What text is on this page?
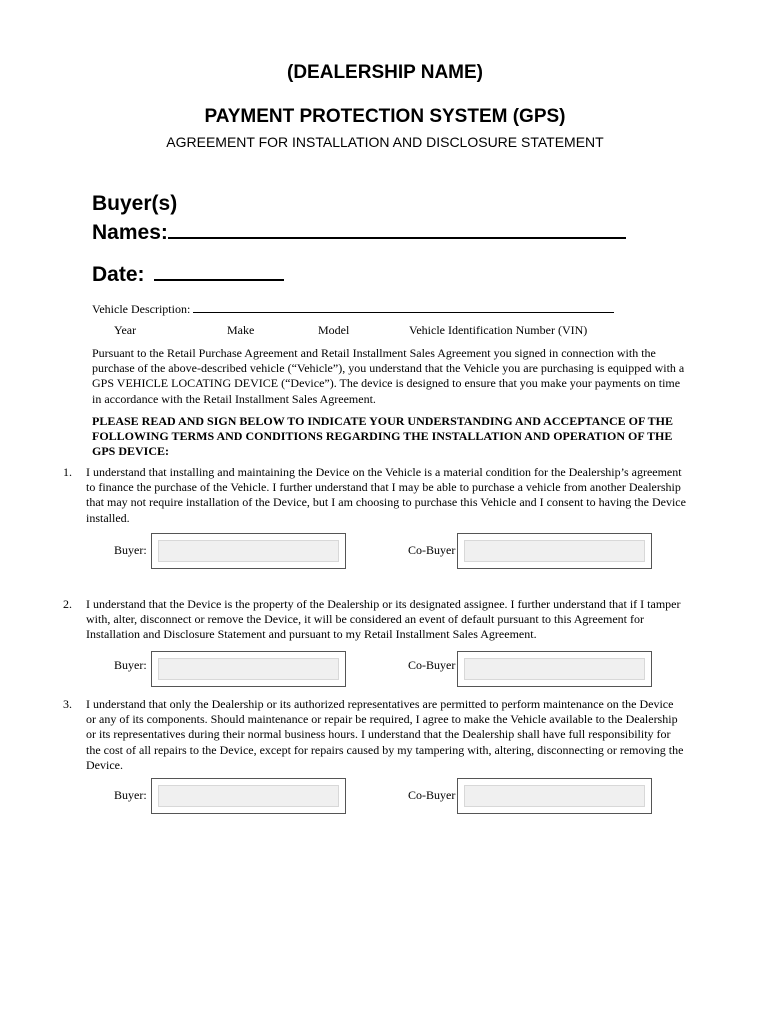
(DEALERSHIP NAME)
PAYMENT PROTECTION SYSTEM (GPS)
AGREEMENT FOR INSTALLATION AND DISCLOSURE STATEMENT
Buyer(s)
Names:
Date:
Vehicle Description:
Year	Make	Model	Vehicle Identification Number (VIN)

Pursuant to the Retail Purchase Agreement and Retail Installment Sales Agreement you signed in connection with the purchase of the above-described vehicle (“Vehicle”), you understand that the Vehicle you are purchasing is equipped with a GPS VEHICLE LOCATING DEVICE (“Device”). The device is designed to ensure that you make your payments on time in accordance with the Retail Installment Sales Agreement.

PLEASE READ AND SIGN BELOW TO INDICATE YOUR UNDERSTANDING AND ACCEPTANCE OF THE FOLLOWING TERMS AND CONDITIONS REGARDING THE INSTALLATION AND OPERATION OF THE GPS DEVICE:

1. I understand that installing and maintaining the Device on the Vehicle is a material condition for the Dealership’s agreement to finance the purchase of the Vehicle. I further understand that I may be able to purchase a vehicle from another Dealership that may not require installation of the Device, but I am choosing to purchase this Vehicle and I consent to having the Device installed.

Buyer:	Co-Buyer
2. I understand that the Device is the property of the Dealership or its designated assignee. I further understand that if I tamper with, alter, disconnect or remove the Device, it will be considered an event of default pursuant to this Agreement for Installation and Disclosure Statement and pursuant to my Retail Installment Sales Agreement.

Buyer:	Co-Buyer
3. I understand that only the Dealership or its authorized representatives are permitted to perform maintenance on the Device or any of its components. Should maintenance or repair be required, I agree to make the Vehicle available to the Dealership or its representatives during their normal business hours. I understand that the Dealership shall have full responsibility for the cost of all repairs to the Device, except for repairs caused by my tampering with, altering, disconnecting or removing the Device.

Buyer:	Co-Buyer
